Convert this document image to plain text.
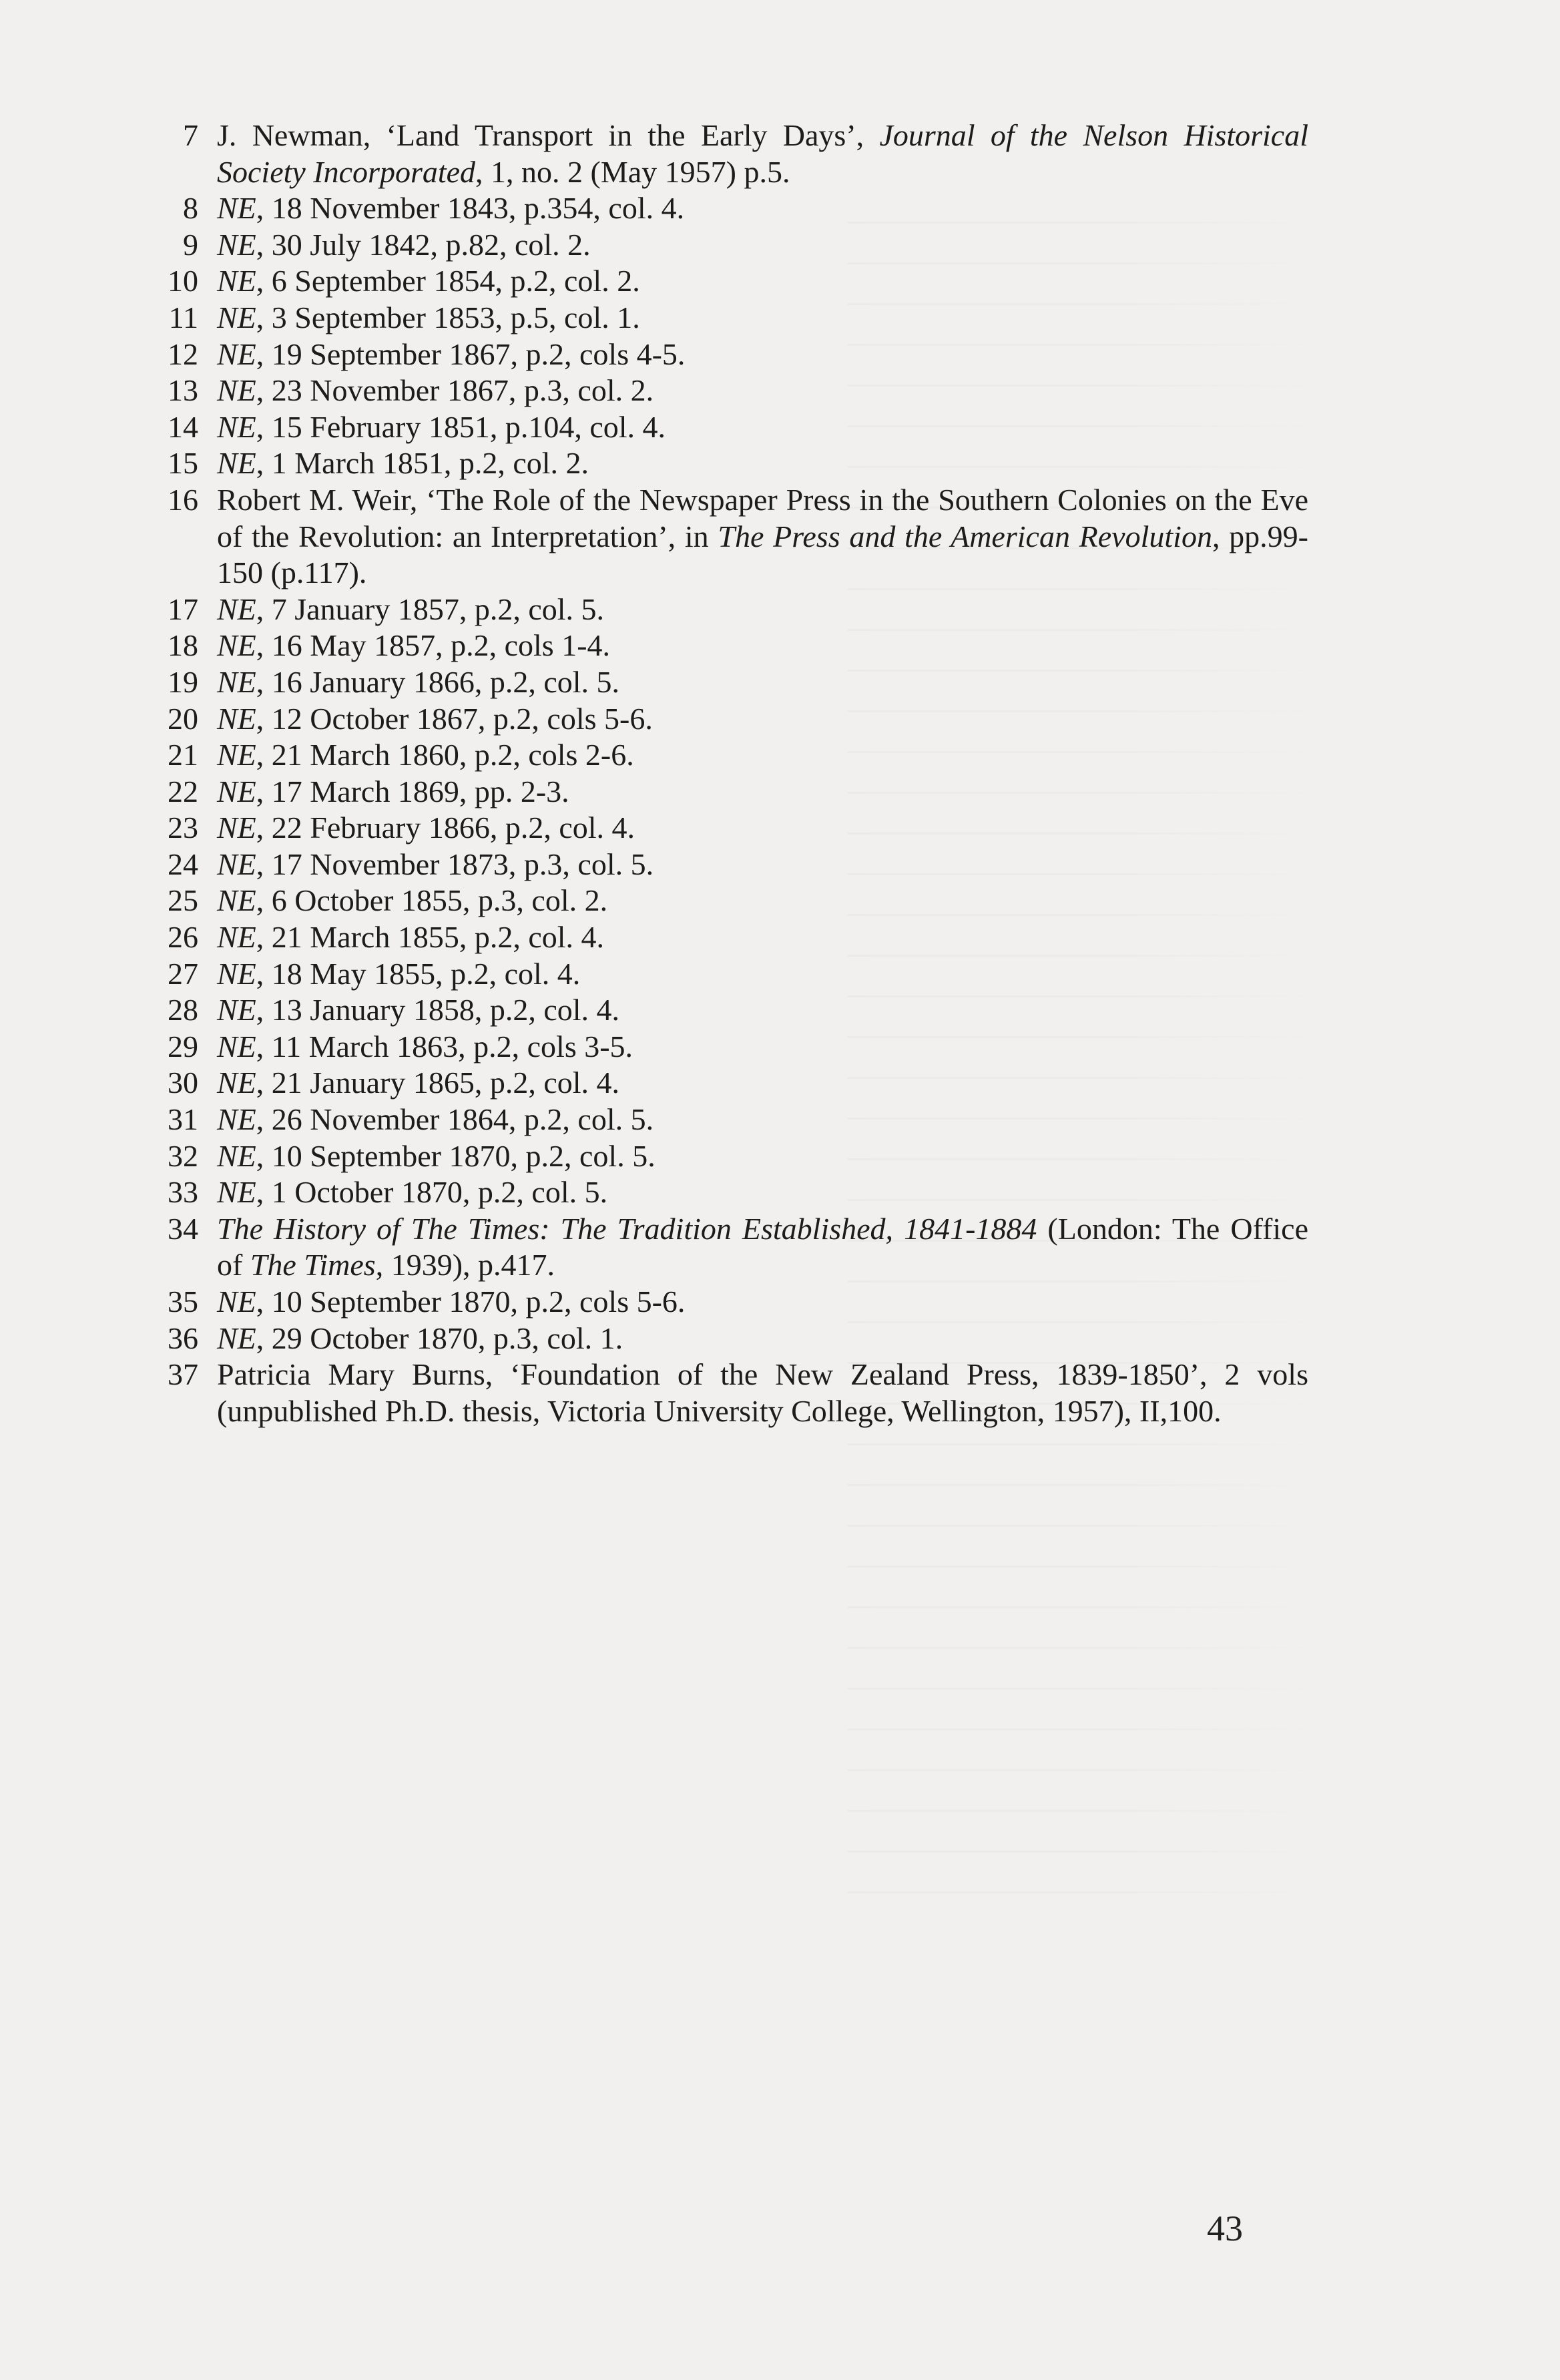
7 J. Newman, ‘Land Transport in the Early Days’, Journal of the Nelson Historical Society Incorporated, 1, no. 2 (May 1957) p.5.
8 NE, 18 November 1843, p.354, col. 4.
9 NE, 30 July 1842, p.82, col. 2.
10 NE, 6 September 1854, p.2, col. 2.
11 NE, 3 September 1853, p.5, col. 1.
12 NE, 19 September 1867, p.2, cols 4-5.
13 NE, 23 November 1867, p.3, col. 2.
14 NE, 15 February 1851, p.104, col. 4.
15 NE, 1 March 1851, p.2, col. 2.
16 Robert M. Weir, ‘The Role of the Newspaper Press in the Southern Colonies on the Eve of the Revolution: an Interpretation’, in The Press and the American Revolution, pp.99-150 (p.117).
17 NE, 7 January 1857, p.2, col. 5.
18 NE, 16 May 1857, p.2, cols 1-4.
19 NE, 16 January 1866, p.2, col. 5.
20 NE, 12 October 1867, p.2, cols 5-6.
21 NE, 21 March 1860, p.2, cols 2-6.
22 NE, 17 March 1869, pp. 2-3.
23 NE, 22 February 1866, p.2, col. 4.
24 NE, 17 November 1873, p.3, col. 5.
25 NE, 6 October 1855, p.3, col. 2.
26 NE, 21 March 1855, p.2, col. 4.
27 NE, 18 May 1855, p.2, col. 4.
28 NE, 13 January 1858, p.2, col. 4.
29 NE, 11 March 1863, p.2, cols 3-5.
30 NE, 21 January 1865, p.2, col. 4.
31 NE, 26 November 1864, p.2, col. 5.
32 NE, 10 September 1870, p.2, col. 5.
33 NE, 1 October 1870, p.2, col. 5.
34 The History of The Times: The Tradition Established, 1841-1884 (London: The Office of The Times, 1939), p.417.
35 NE, 10 September 1870, p.2, cols 5-6.
36 NE, 29 October 1870, p.3, col. 1.
37 Patricia Mary Burns, ‘Foundation of the New Zealand Press, 1839-1850’, 2 vols (unpublished Ph.D. thesis, Victoria University College, Wellington, 1957), II,100.
43
